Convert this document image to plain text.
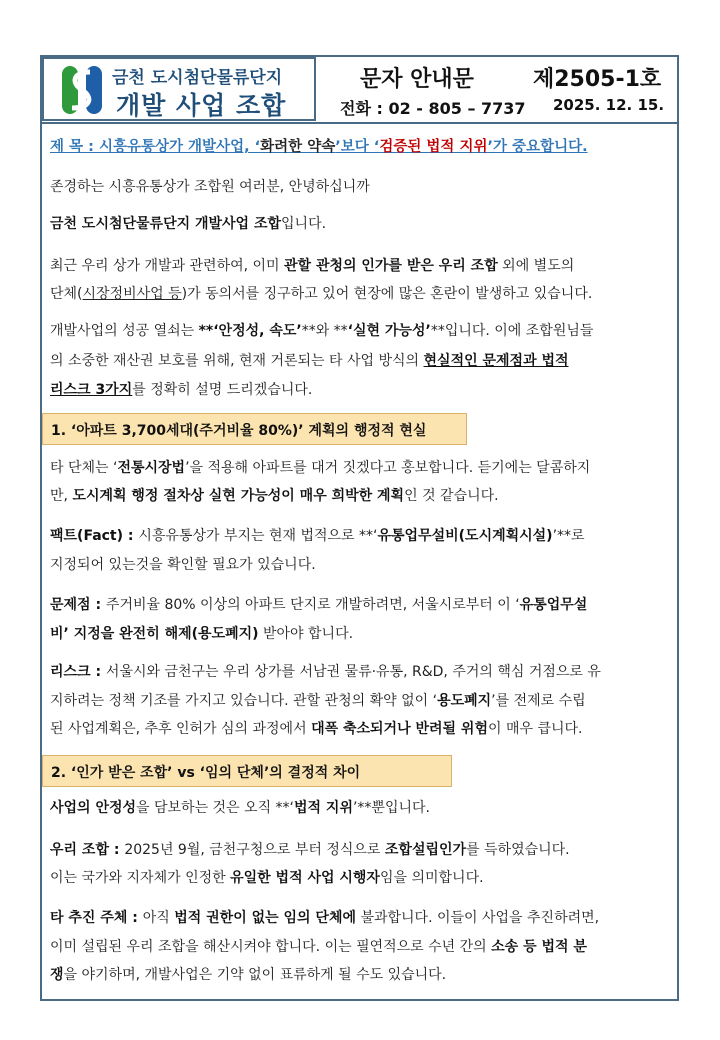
금천 도시첨단물류단지
개발 사업 조합
문자 안내문	제2505-1호
전화 : 02 - 805 – 7737 2025. 12. 15.
제 목 : 시흥유통상가 개발사업, ‘화려한 약속’보다 ‘검증된 법적 지위’가 중요합니다.
존경하는 시흥유통상가 조합원 여러분, 안녕하십니까
금천 도시첨단물류단지 개발사업 조합입니다.
최근 우리 상가 개발과 관련하여, 이미 관할 관청의 인가를 받은 우리 조합 외에 별도의
단체(시장정비사업 등)가 동의서를 징구하고 있어 현장에 많은 혼란이 발생하고 있습니다.
개발사업의 성공 열쇠는 **‘안정성, 속도’**와 **‘실현 가능성’**입니다. 이에 조합원님들
의 소중한 재산권 보호를 위해, 현재 거론되는 타 사업 방식의 현실적인 문제점과 법적
리스크 3가지를 정확히 설명 드리겠습니다.
1. ‘아파트 3,700세대(주거비율 80%)’ 계획의 행정적 현실
타 단체는 ‘전통시장법’을 적용해 아파트를 대거 짓겠다고 홍보합니다. 듣기에는 달콤하지
만, 도시계획 행정 절차상 실현 가능성이 매우 희박한 계획인 것 같습니다.
팩트(Fact) : 시흥유통상가 부지는 현재 법적으로 **‘유통업무설비(도시계획시설)’**로
지정되어 있는것을 확인할 필요가 있습니다.
문제점 : 주거비율 80% 이상의 아파트 단지로 개발하려면, 서울시로부터 이 ‘유통업무설
비’ 지정을 완전히 해제(용도폐지) 받아야 합니다.
리스크 : 서울시와 금천구는 우리 상가를 서남권 물류·유통, R&D, 주거의 핵심 거점으로 유
지하려는 정책 기조를 가지고 있습니다. 관할 관청의 확약 없이 ‘용도폐지’를 전제로 수립
된 사업계획은, 추후 인허가 심의 과정에서 대폭 축소되거나 반려될 위험이 매우 큽니다.
2. ‘인가 받은 조합’ vs ‘임의 단체’의 결정적 차이
사업의 안정성을 담보하는 것은 오직 **‘법적 지위’**뿐입니다.
우리 조합 : 2025년 9월, 금천구청으로 부터 정식으로 조합설립인가를 득하였습니다.
이는 국가와 지자체가 인정한 유일한 법적 사업 시행자임을 의미합니다.
타 추진 주체 : 아직 법적 권한이 없는 임의 단체에 불과합니다. 이들이 사업을 추진하려면,
이미 설립된 우리 조합을 해산시켜야 합니다. 이는 필연적으로 수년 간의 소송 등 법적 분
쟁을 야기하며, 개발사업은 기약 없이 표류하게 될 수도 있습니다.
